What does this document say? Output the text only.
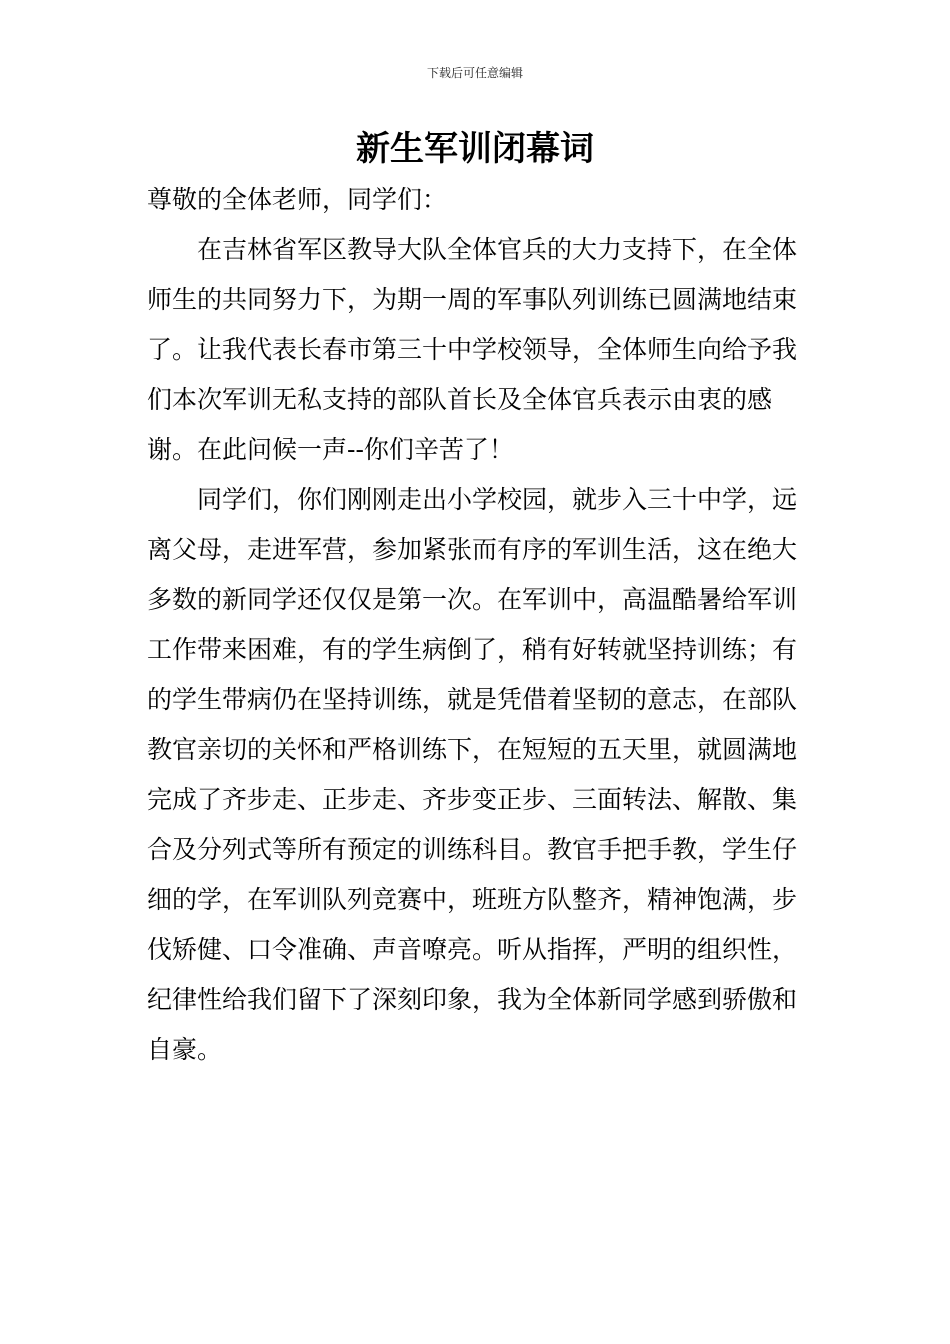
下载后可任意编辑
新生军训闭幕词

尊敬的全体老师，同学们：

在吉林省军区教导大队全体官兵的大力支持下，在全体师生的共同努力下，为期一周的军事队列训练已圆满地结束了。让我代表长春市第三十中学校领导，全体师生向给予我们本次军训无私支持的部队首长及全体官兵表示由衷的感谢。在此问候一声--你们辛苦了！

同学们，你们刚刚走出小学校园，就步入三十中学，远离父母，走进军营，参加紧张而有序的军训生活，这在绝大多数的新同学还仅仅是第一次。在军训中，高温酷暑给军训工作带来困难，有的学生病倒了，稍有好转就坚持训练；有的学生带病仍在坚持训练，就是凭借着坚韧的意志，在部队教官亲切的关怀和严格训练下，在短短的五天里，就圆满地完成了齐步走、正步走、齐步变正步、三面转法、解散、集合及分列式等所有预定的训练科目。教官手把手教，学生仔细的学，在军训队列竞赛中，班班方队整齐，精神饱满，步伐矫健、口令准确、声音嘹亮。听从指挥，严明的组织性，纪律性给我们留下了深刻印象，我为全体新同学感到骄傲和自豪。
